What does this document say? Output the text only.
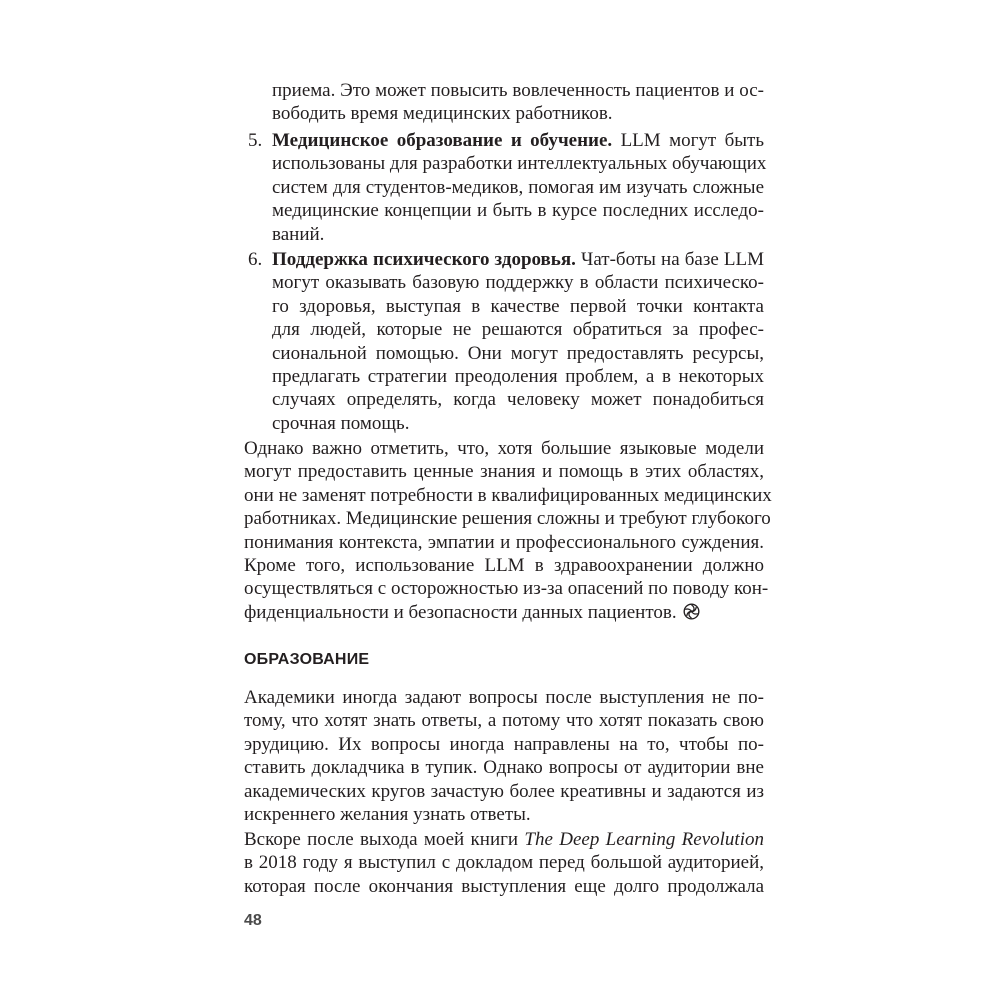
приема. Это может повысить вовлеченность пациентов и ос-
вободить время медицинских работников.
5. Медицинское образование и обучение. LLM могут быть
использованы для разработки интеллектуальных обучающих
систем для студентов-медиков, помогая им изучать сложные
медицинские концепции и быть в курсе последних исследо-
ваний.
6. Поддержка психического здоровья. Чат-боты на базе LLM
могут оказывать базовую поддержку в области психическо-
го здоровья, выступая в качестве первой точки контакта
для людей, которые не решаются обратиться за профес-
сиональной помощью. Они могут предоставлять ресурсы,
предлагать стратегии преодоления проблем, а в некоторых
случаях определять, когда человеку может понадобиться
срочная помощь.
Однако важно отметить, что, хотя большие языковые модели
могут предоставить ценные знания и помощь в этих областях,
они не заменят потребности в квалифицированных медицинских
работниках. Медицинские решения сложны и требуют глубокого
понимания контекста, эмпатии и профессионального суждения.
Кроме того, использование LLM в здравоохранении должно
осуществляться с осторожностью из-за опасений по поводу кон-
фиденциальности и безопасности данных пациентов.
ОБРАЗОВАНИЕ
Академики иногда задают вопросы после выступления не по-
тому, что хотят знать ответы, а потому что хотят показать свою
эрудицию. Их вопросы иногда направлены на то, чтобы по-
ставить докладчика в тупик. Однако вопросы от аудитории вне
академических кругов зачастую более креативны и задаются из
искреннего желания узнать ответы.
Вскоре после выхода моей книги The Deep Learning Revolution
в 2018 году я выступил с докладом перед большой аудиторией,
которая после окончания выступления еще долго продолжала
48
